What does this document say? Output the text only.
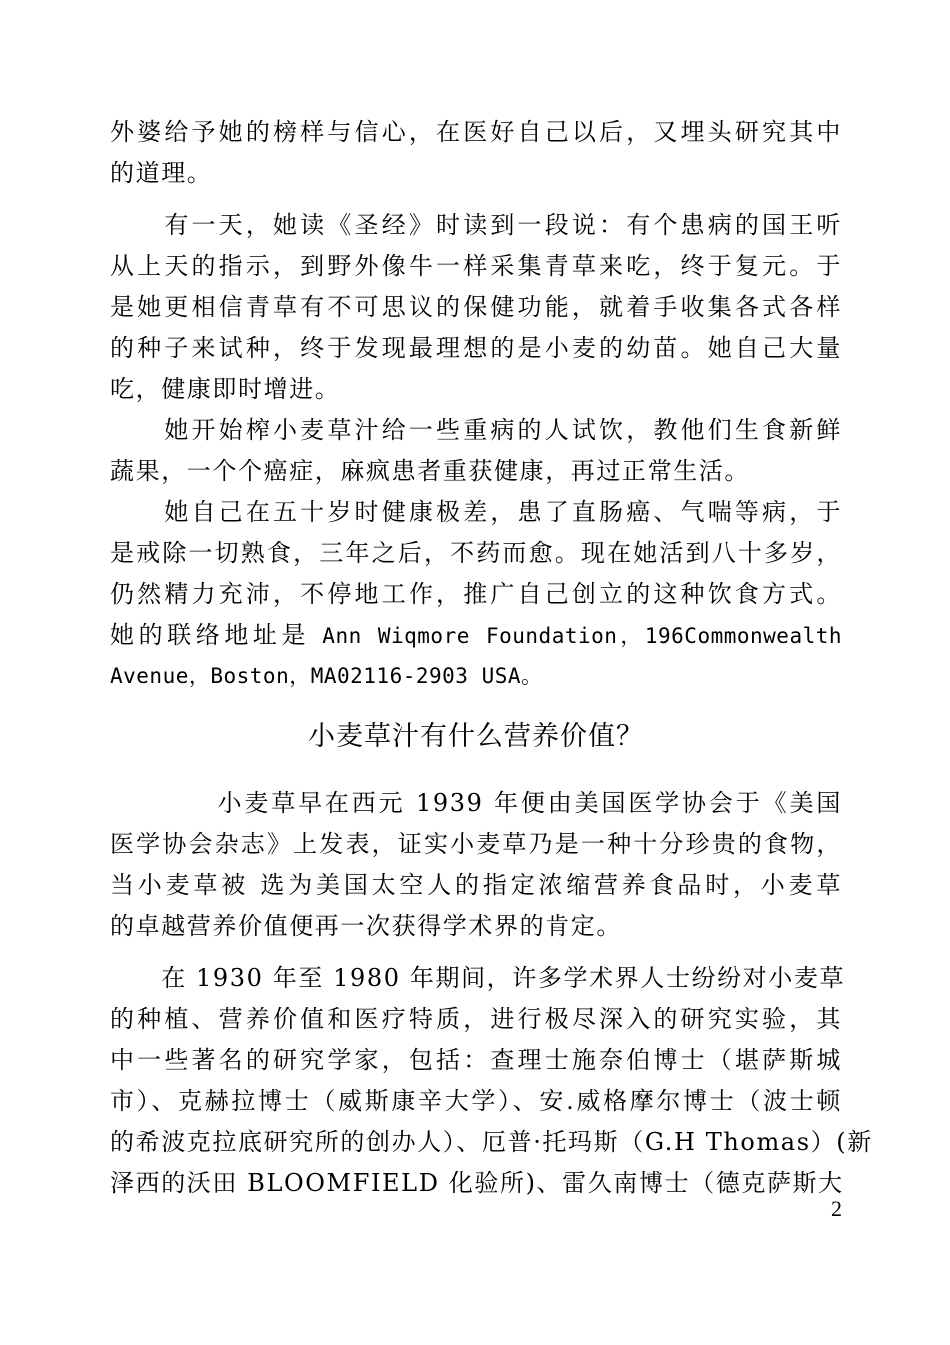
外婆给予她的榜样与信心，在医好自己以后，又埋头研究其中
的道理。
　　有一天，她读《圣经》时读到一段说：有个患病的国王听
从上天的指示，到野外像牛一样采集青草来吃，终于复元。于
是她更相信青草有不可思议的保健功能，就着手收集各式各样
的种子来试种，终于发现最理想的是小麦的幼苗。她自己大量
吃，健康即时增进。
　　她开始榨小麦草汁给一些重病的人试饮，教他们生食新鲜
蔬果，一个个癌症，麻疯患者重获健康，再过正常生活。
　　她自己在五十岁时健康极差，患了直肠癌、气喘等病，于
是戒除一切熟食，三年之后，不药而愈。现在她活到八十多岁，
仍然精力充沛，不停地工作，推广自己创立的这种饮食方式。
她的联络地址是 Ann Wiqmore Foundation，196Commonwealth
Avenue，Boston，MA02116-2903 USA。
小麦草汁有什么营养价值？
　　　　小麦草早在西元 1939 年便由美国医学协会于《美国
医学协会杂志》上发表，证实小麦草乃是一种十分珍贵的食物，
当小麦草被 选为美国太空人的指定浓缩营养食品时，小麦草
的卓越营养价值便再一次获得学术界的肯定。
　　在 1930 年至 1980 年期间，许多学术界人士纷纷对小麦草
的种植、营养价值和医疗特质，进行极尽深入的研究实验，其
中一些著名的研究学家，包括：查理士施奈伯博士（堪萨斯城
市）、克赫拉博士（威斯康辛大学）、安.威格摩尔博士（波士顿
的希波克拉底研究所的创办人）、厄普·托玛斯（G.H Thomas）(新
泽西的沃田 BLOOMFIELD 化验所)、雷久南博士（德克萨斯大
2
